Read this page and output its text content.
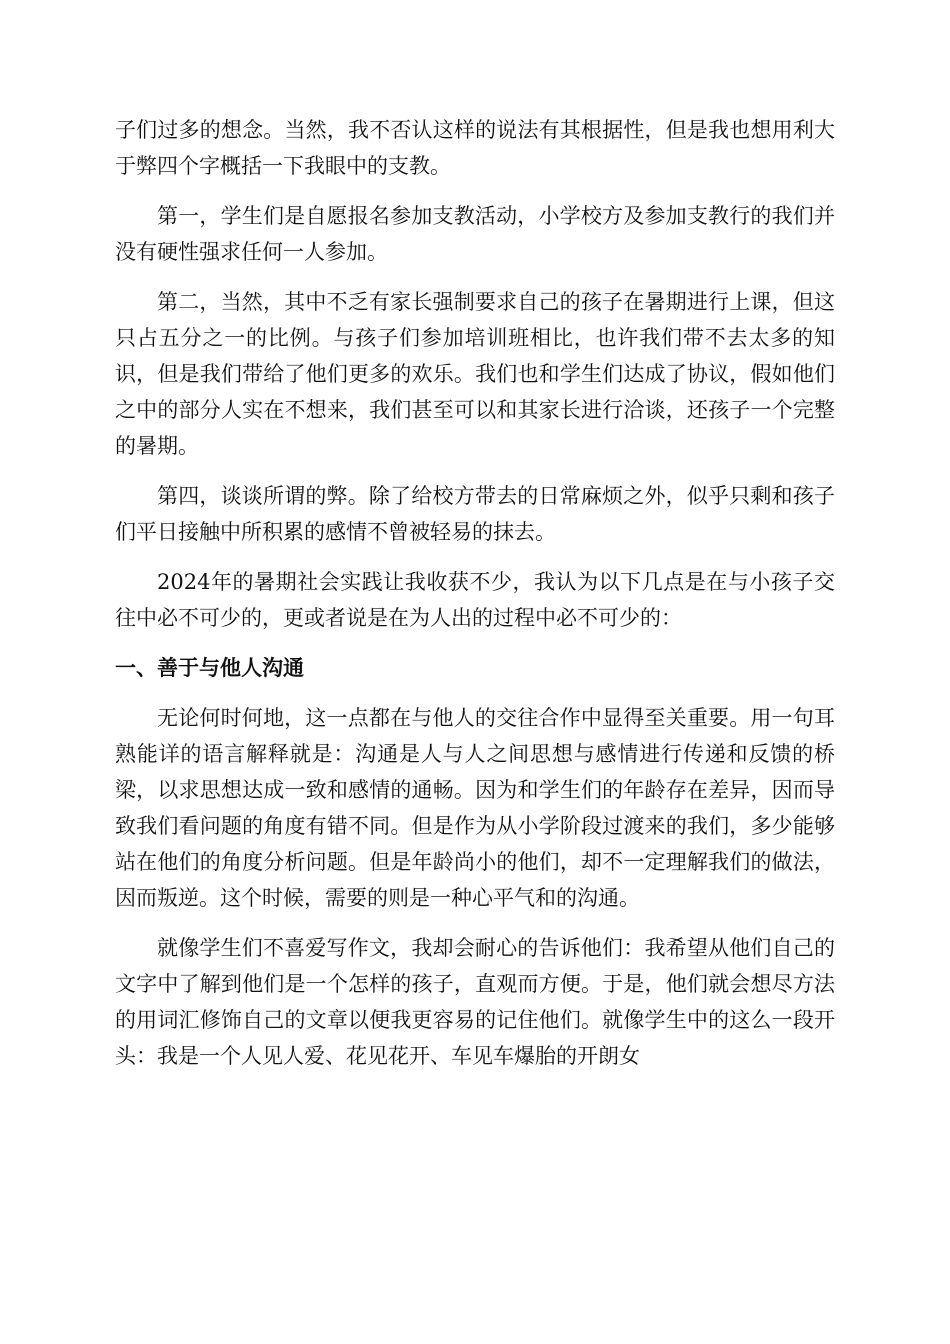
子们过多的想念。当然，我不否认这样的说法有其根据性，但是我也想用利大于弊四个字概括一下我眼中的支教。

第一，学生们是自愿报名参加支教活动，小学校方及参加支教行的我们并没有硬性强求任何一人参加。

第二，当然，其中不乏有家长强制要求自己的孩子在暑期进行上课，但这只占五分之一的比例。与孩子们参加培训班相比，也许我们带不去太多的知识，但是我们带给了他们更多的欢乐。我们也和学生们达成了协议，假如他们之中的部分人实在不想来，我们甚至可以和其家长进行洽谈，还孩子一个完整的暑期。

第四，谈谈所谓的弊。除了给校方带去的日常麻烦之外，似乎只剩和孩子们平日接触中所积累的感情不曾被轻易的抹去。

2024年的暑期社会实践让我收获不少，我认为以下几点是在与小孩子交往中必不可少的，更或者说是在为人出的过程中必不可少的：

一、善于与他人沟通

无论何时何地，这一点都在与他人的交往合作中显得至关重要。用一句耳熟能详的语言解释就是：沟通是人与人之间思想与感情进行传递和反馈的桥梁，以求思想达成一致和感情的通畅。因为和学生们的年龄存在差异，因而导致我们看问题的角度有错不同。但是作为从小学阶段过渡来的我们，多少能够站在他们的角度分析问题。但是年龄尚小的他们，却不一定理解我们的做法，因而叛逆。这个时候，需要的则是一种心平气和的沟通。

就像学生们不喜爱写作文，我却会耐心的告诉他们：我希望从他们自己的文字中了解到他们是一个怎样的孩子，直观而方便。于是，他们就会想尽方法的用词汇修饰自己的文章以便我更容易的记住他们。就像学生中的这么一段开头：我是一个人见人爱、花见花开、车见车爆胎的开朗女
